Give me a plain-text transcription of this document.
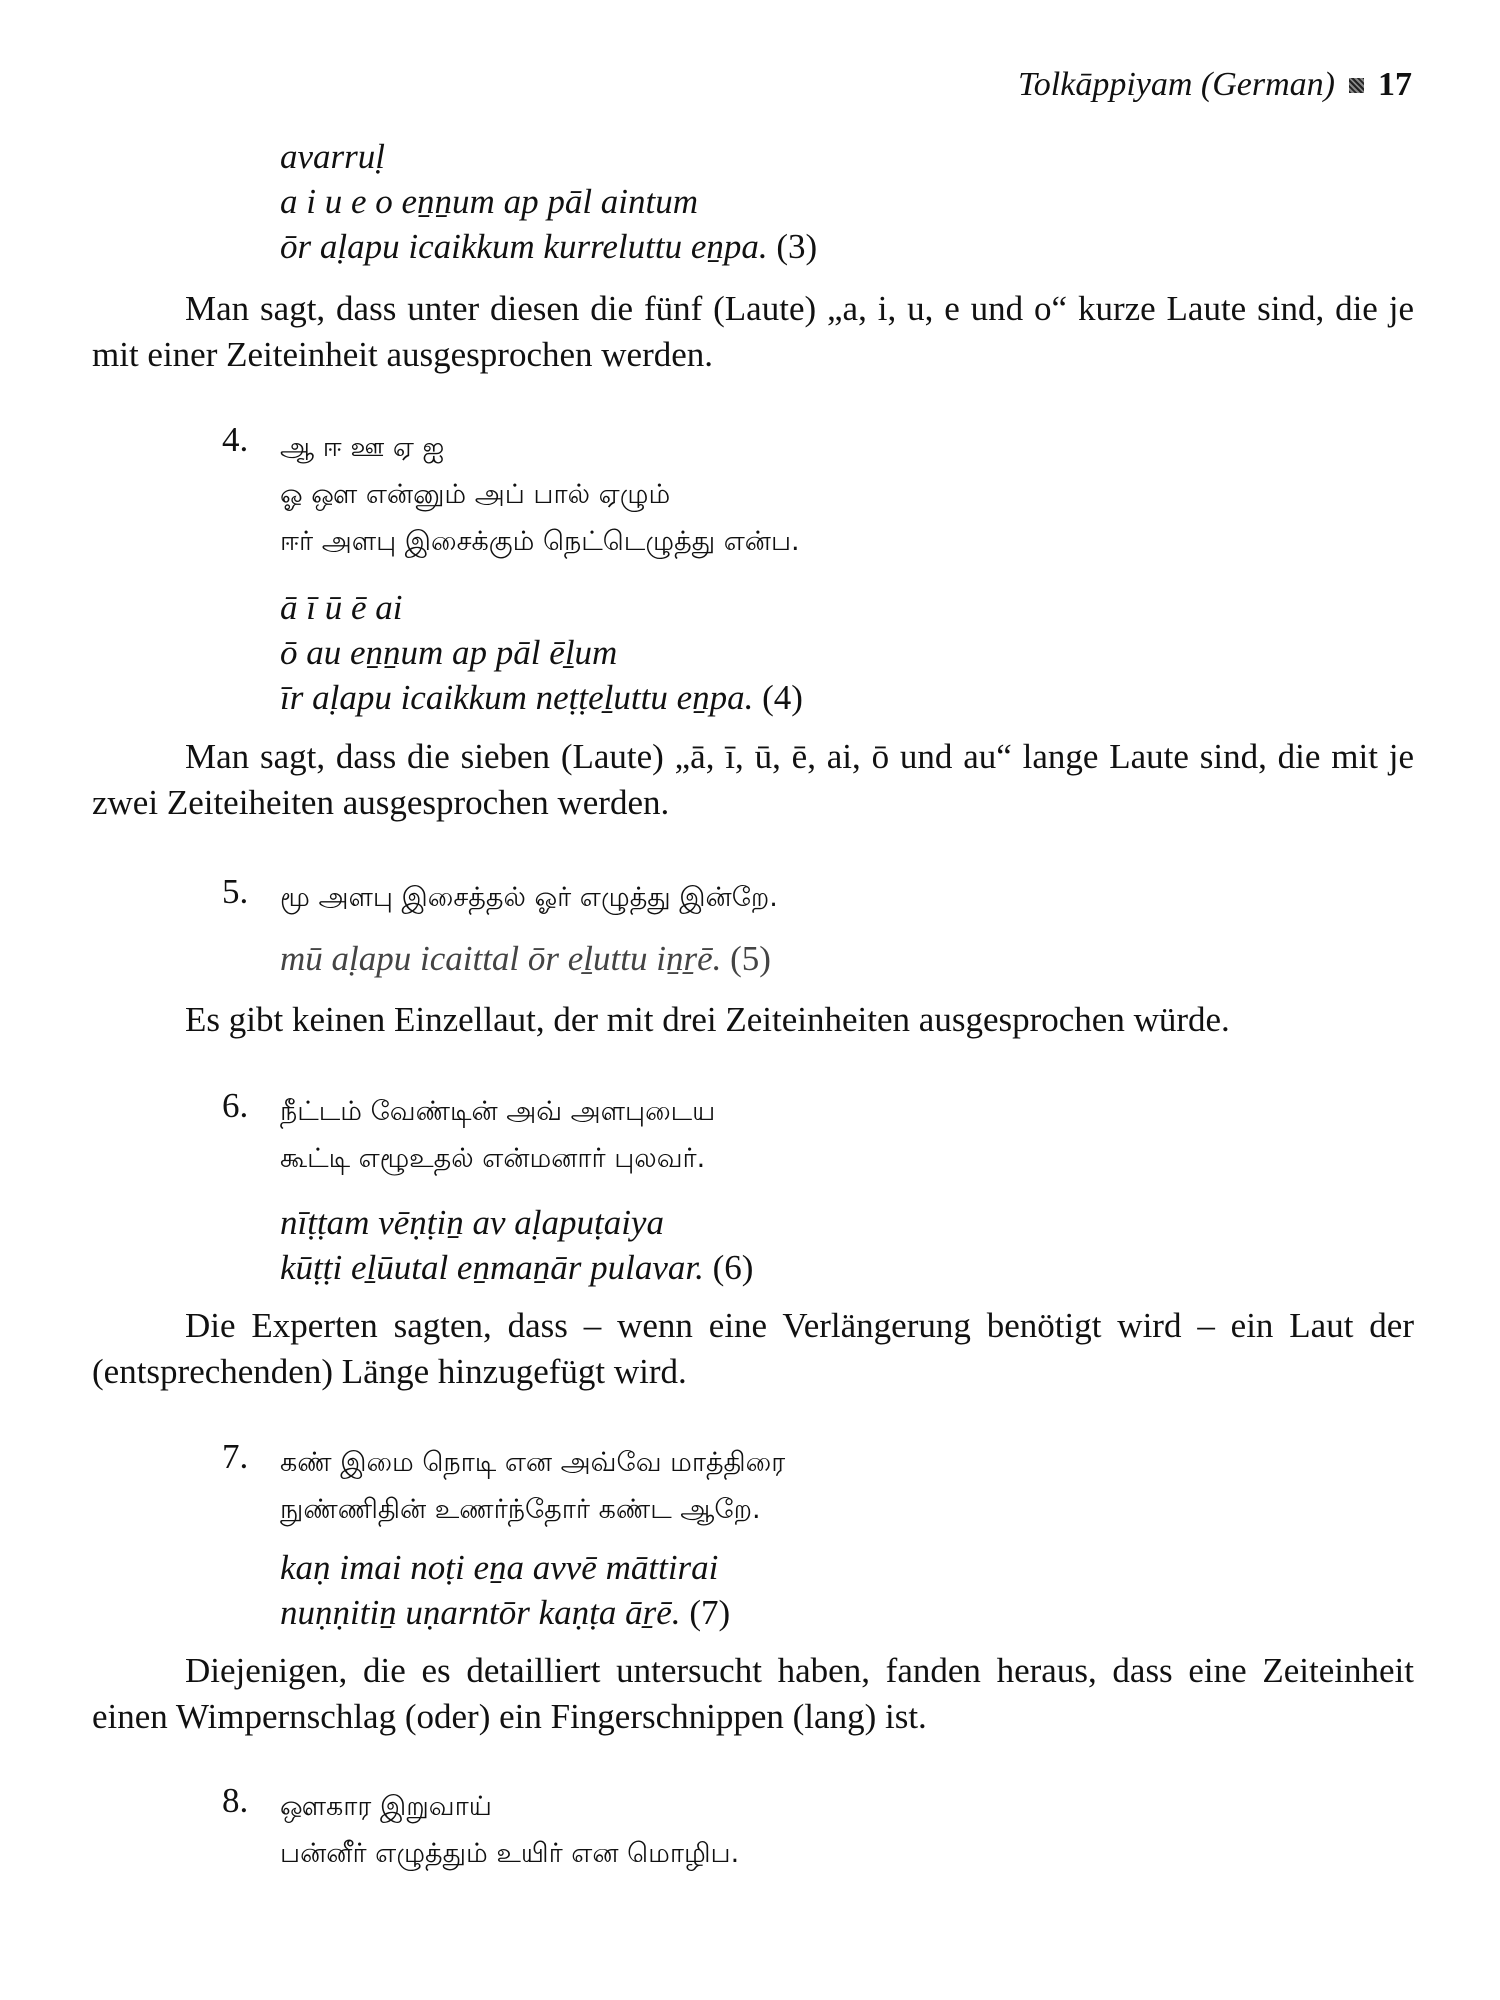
Tolkāppiyam (German) 17
avarruḷ
a i u e o eṉṉum ap pāl aintum
ōr aḷapu icaikkum kurreluttu eṉpa. (3)
Man sagt, dass unter diesen die fünf (Laute) „a, i, u, e und o“ kurze Laute sind, die je mit einer Zeiteinheit ausgesprochen werden.
4. ஆ ஈ ஊ ஏ ஐ
ஓ ஔ என்னும் அப் பால் ஏழும்
ஈர் அளபு இசைக்கும் நெட்டெழுத்து என்ப.
ā ī ū ē ai
ō au eṉṉum ap pāl ēḻum
īr aḷapu icaikkum neṭṭeḻuttu eṉpa. (4)
Man sagt, dass die sieben (Laute) „ā, ī, ū, ē, ai, ō und au“ lange Laute sind, die mit je zwei Zeiteiheiten ausgesprochen werden.
5. மூ அளபு இசைத்தல் ஓர் எழுத்து இன்றே.
mū aḷapu icaittal ōr eḻuttu iṉṟē. (5)
Es gibt keinen Einzellaut, der mit drei Zeiteinheiten ausgesprochen würde.
6. நீட்டம் வேண்டின் அவ் அளபுடைய
கூட்டி எழூஉதல் என்மனார் புலவர்.
nīṭṭam vēṇṭiṉ av aḷapuṭaiya
kūṭṭi eḻūutal eṉmaṉār pulavar. (6)
Die Experten sagten, dass – wenn eine Verlängerung benötigt wird – ein Laut der (entsprechenden) Länge hinzugefügt wird.
7. கண் இமை நொடி என அவ்வே மாத்திரை
நுண்ணிதின் உணர்ந்தோர் கண்ட ஆறே.
kaṇ imai noṭi eṉa avvē māttirai
nuṇṇitiṉ uṇarntōr kaṇṭa āṟē. (7)
Diejenigen, die es detailliert untersucht haben, fanden heraus, dass eine Zeiteinheit einen Wimpernschlag (oder) ein Fingerschnippen (lang) ist.
8. ஔகார இறுவாய்
பன்னீர் எழுத்தும் உயிர் என மொழிப.
